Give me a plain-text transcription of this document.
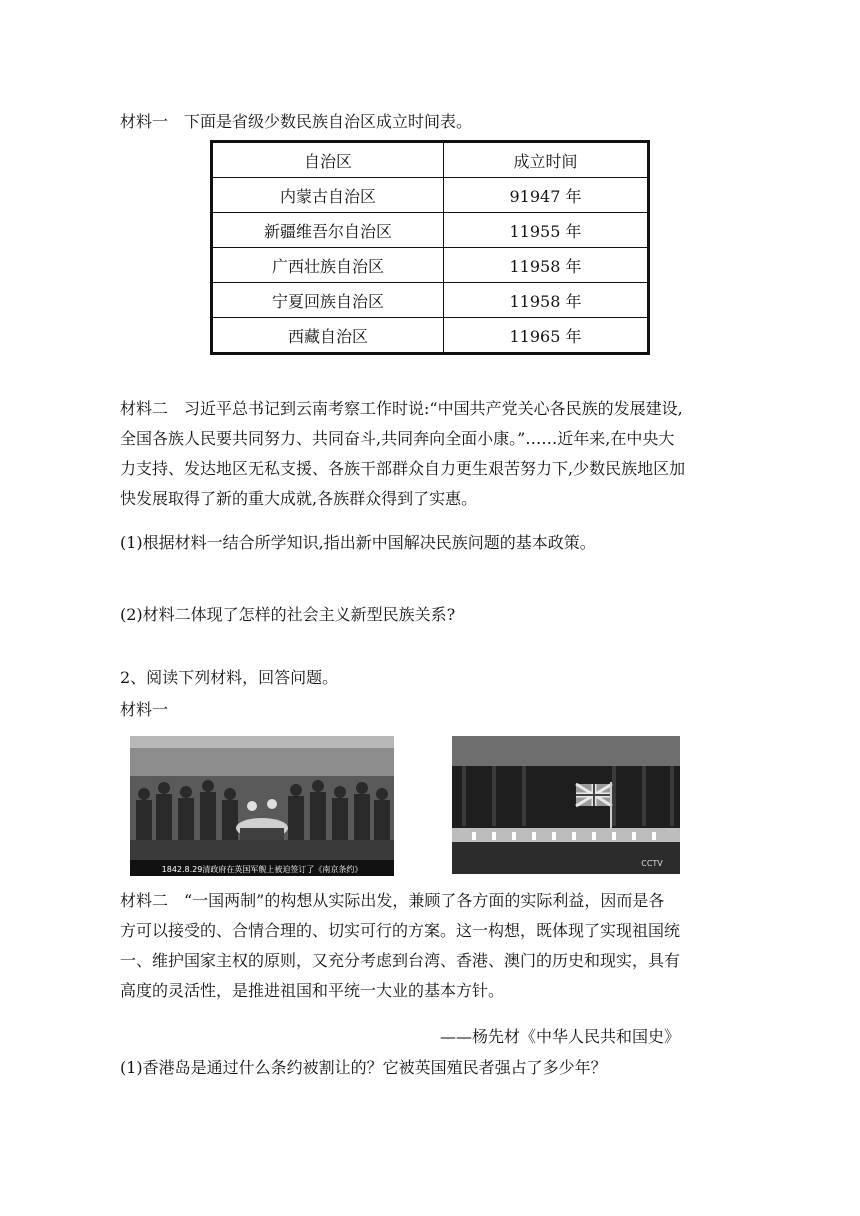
材料一　下面是省级少数民族自治区成立时间表。
自治区	成立时间
内蒙古自治区	91947 年
新疆维吾尔自治区	11955 年
广西壮族自治区	11958 年
宁夏回族自治区	11958 年
西藏自治区	11965 年
材料二　习近平总书记到云南考察工作时说:“中国共产党关心各民族的发展建设,
全国各族人民要共同努力、共同奋斗,共同奔向全面小康。”……近年来,在中央大
力支持、发达地区无私支援、各族干部群众自力更生艰苦努力下,少数民族地区加
快发展取得了新的重大成就,各族群众得到了实惠。
(1)根据材料一结合所学知识,指出新中国解决民族问题的基本政策。
(2)材料二体现了怎样的社会主义新型民族关系?
2、阅读下列材料，回答问题。
材料一
1842.8.29清政府在英国军舰上被迫签订了《南京条约》
CCTV
材料二　“一国两制”的构想从实际出发，兼顾了各方面的实际利益，因而是各
方可以接受的、合情合理的、切实可行的方案。这一构想，既体现了实现祖国统
一、维护国家主权的原则，又充分考虑到台湾、香港、澳门的历史和现实，具有
高度的灵活性，是推进祖国和平统一大业的基本方针。
——杨先材《中华人民共和国史》
(1)香港岛是通过什么条约被割让的？它被英国殖民者强占了多少年？
